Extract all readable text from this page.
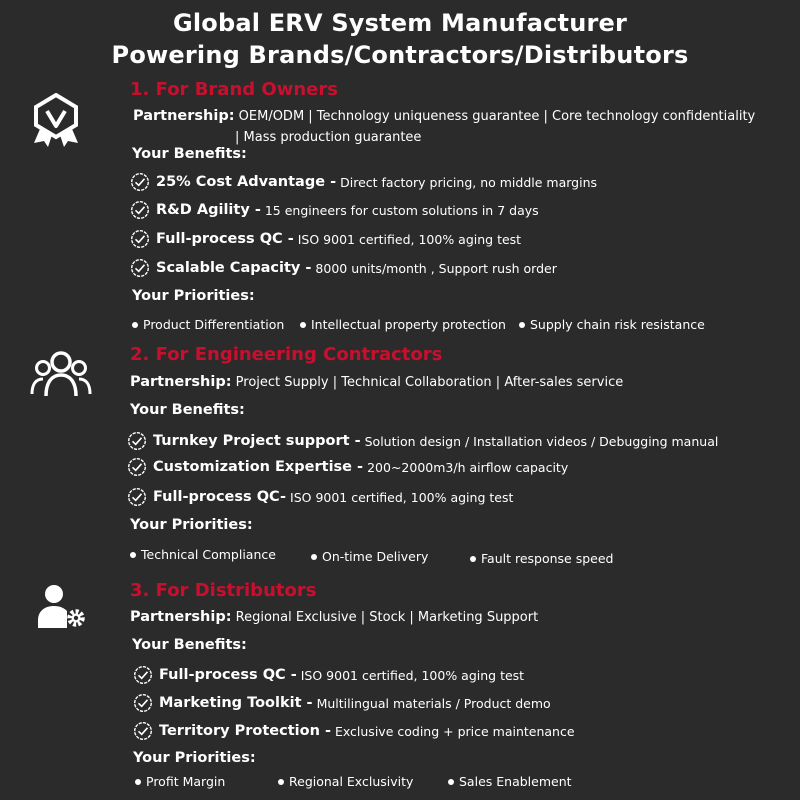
Global ERV System Manufacturer
Powering Brands/Contractors/Distributors
1. For Brand Owners
Partnership: OEM/ODM | Technology uniqueness guarantee | Core technology confidentiality
| Mass production guarantee
Your Benefits:
25% Cost Advantage - Direct factory pricing, no middle margins
R&D Agility - 15 engineers for custom solutions in 7 days
Full-process QC - ISO 9001 certified, 100% aging test
Scalable Capacity - 8000 units/month , Support rush order
Your Priorities:
Product Differentiation	Intellectual property protection	Supply chain risk resistance
2. For Engineering Contractors
Partnership: Project Supply | Technical Collaboration | After-sales service
Your Benefits:
Turnkey Project support - Solution design / Installation videos / Debugging manual
Customization Expertise - 200~2000m3/h airflow capacity
Full-process QC- ISO 9001 certified, 100% aging test
Your Priorities:
Technical Compliance	On-time Delivery	Fault response speed
3. For Distributors
Partnership: Regional Exclusive | Stock | Marketing Support
Your Benefits:
Full-process QC - ISO 9001 certified, 100% aging test
Marketing Toolkit - Multilingual materials / Product demo
Territory Protection - Exclusive coding + price maintenance
Your Priorities:
Profit Margin	Regional Exclusivity	Sales Enablement
